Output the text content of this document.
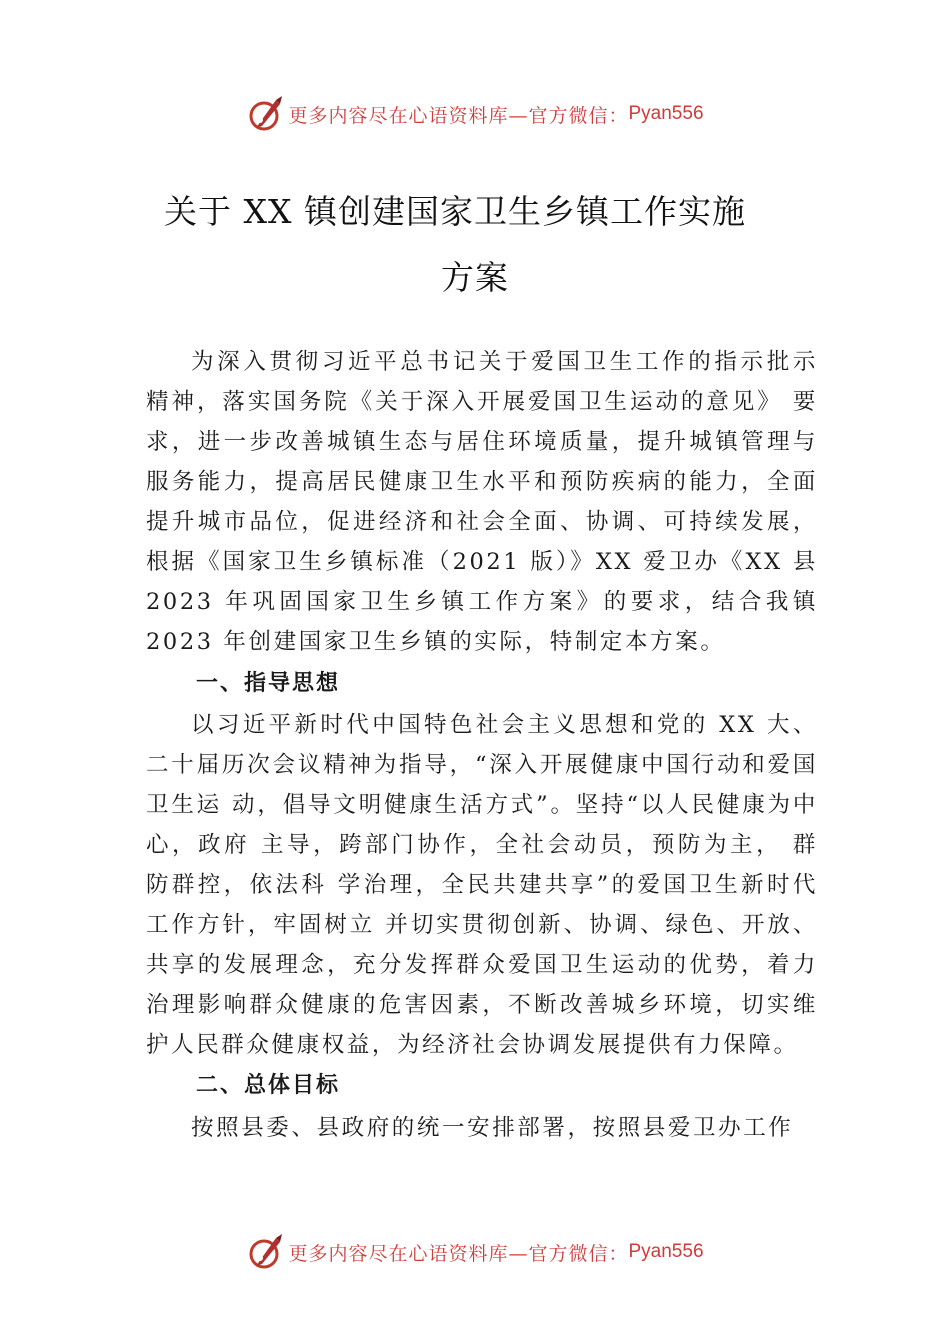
更多内容尽在心语资料库—官方微信： Pyan556
关于 XX 镇创建国家卫生乡镇工作实施
方案
为深入贯彻习近平总书记关于爱国卫生工作的指示批示精神，落实国务院《关于深入开展爱国卫生运动的意见》 要求，进一步改善城镇生态与居住环境质量，提升城镇管理与服务能力，提高居民健康卫生水平和预防疾病的能力，全面提升城市品位，促进经济和社会全面、协调、可持续发展， 根据《国家卫生乡镇标准（2021 版）》XX 爱卫办《XX 县 2023 年巩固国家卫生乡镇工作方案》的要求，结合我镇 2023 年创建国家卫生乡镇的实际，特制定本方案。
一、指导思想
以习近平新时代中国特色社会主义思想和党的 XX 大、二十届历次会议精神为指导，“深入开展健康中国行动和爱国卫生运 动，倡导文明健康生活方式”。坚持“以人民健康为中心，政府 主导，跨部门协作，全社会动员，预防为主， 群防群控，依法科 学治理，全民共建共享”的爱国卫生新时代工作方针，牢固树立 并切实贯彻创新、协调、绿色、开放、共享的发展理念，充分发挥群众爱国卫生运动的优势，着力治理影响群众健康的危害因素，不断改善城乡环境，切实维护人民群众健康权益，为经济社会协调发展提供有力保障。
二、总体目标
按照县委、县政府的统一安排部署，按照县爱卫办工作
更多内容尽在心语资料库—官方微信： Pyan556
